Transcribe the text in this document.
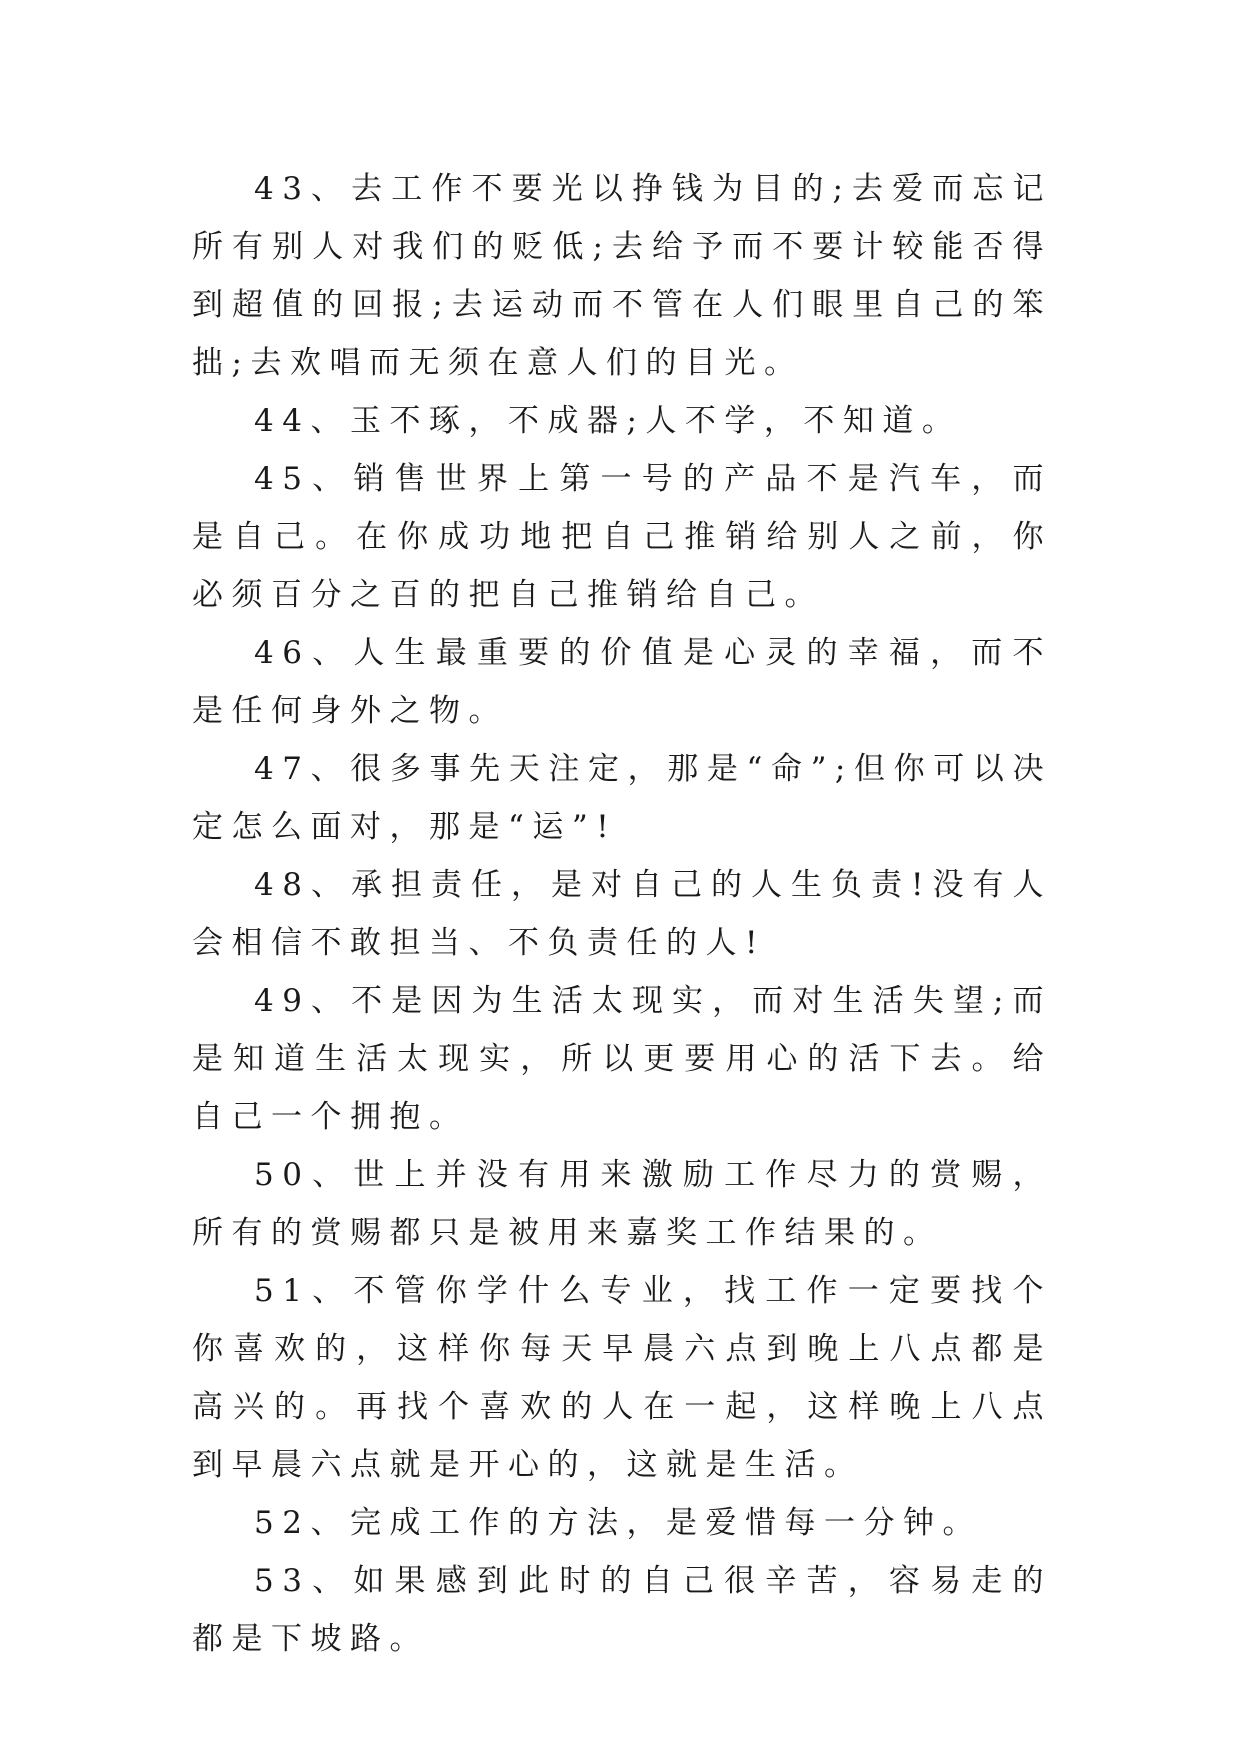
43、去工作不要光以挣钱为目的;去爱而忘记所有别人对我们的贬低;去给予而不要计较能否得到超值的回报;去运动而不管在人们眼里自己的笨拙;去欢唱而无须在意人们的目光。

44、玉不琢，不成器;人不学，不知道。

45、销售世界上第一号的产品不是汽车，而是自己。在你成功地把自己推销给别人之前，你必须百分之百的把自己推销给自己。

46、人生最重要的价值是心灵的幸福，而不是任何身外之物。

47、很多事先天注定，那是“命”;但你可以决定怎么面对，那是“运”!

48、承担责任，是对自己的人生负责!没有人会相信不敢担当、不负责任的人!

49、不是因为生活太现实，而对生活失望;而是知道生活太现实，所以更要用心的活下去。给自己一个拥抱。

50、世上并没有用来激励工作尽力的赏赐，所有的赏赐都只是被用来嘉奖工作结果的。

51、不管你学什么专业，找工作一定要找个你喜欢的，这样你每天早晨六点到晚上八点都是高兴的。再找个喜欢的人在一起，这样晚上八点到早晨六点就是开心的，这就是生活。

52、完成工作的方法，是爱惜每一分钟。

53、如果感到此时的自己很辛苦，容易走的都是下坡路。
